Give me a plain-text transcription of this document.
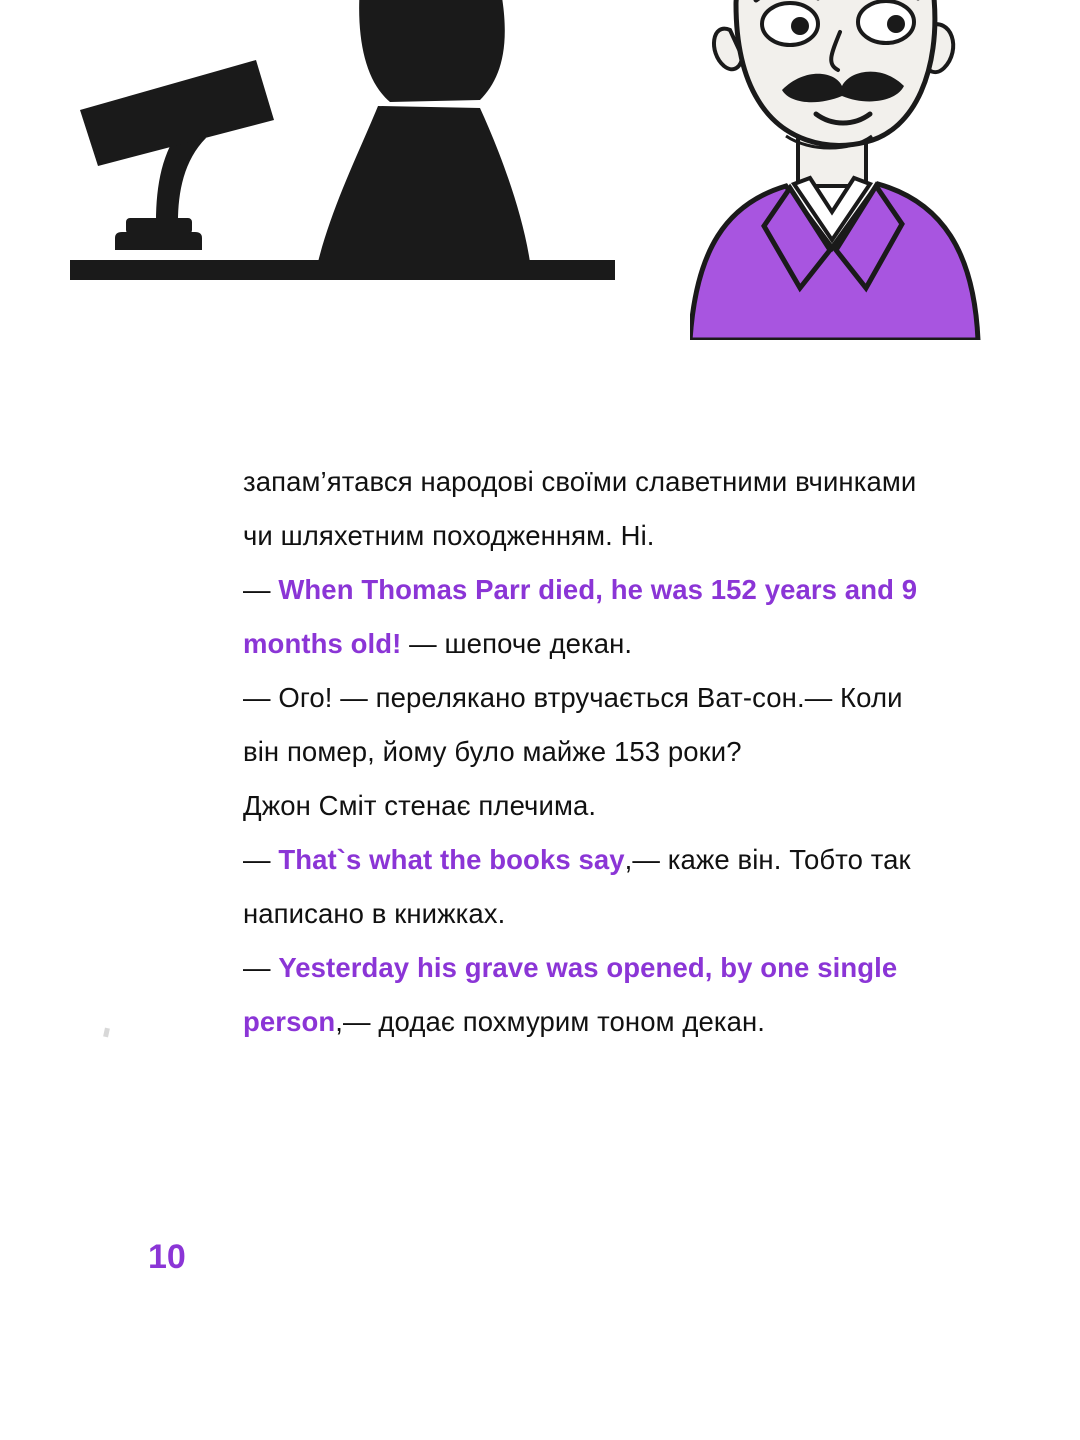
запам’ятався народові своїми славетними вчинками чи шляхетним походженням. Ні.

— When Thomas Parr died, he was 152 years and 9 months old! — шепоче декан.

— Ого! — перелякано втручається Ват-сон.— Коли він помер, йому було майже 153 роки?

Джон Сміт стенає плечима.

— That`s what the books say,— каже він. Тобто так написано в книжках.

— Yesterday his grave was opened, by one single person,— додає похмурим тоном декан.

10
